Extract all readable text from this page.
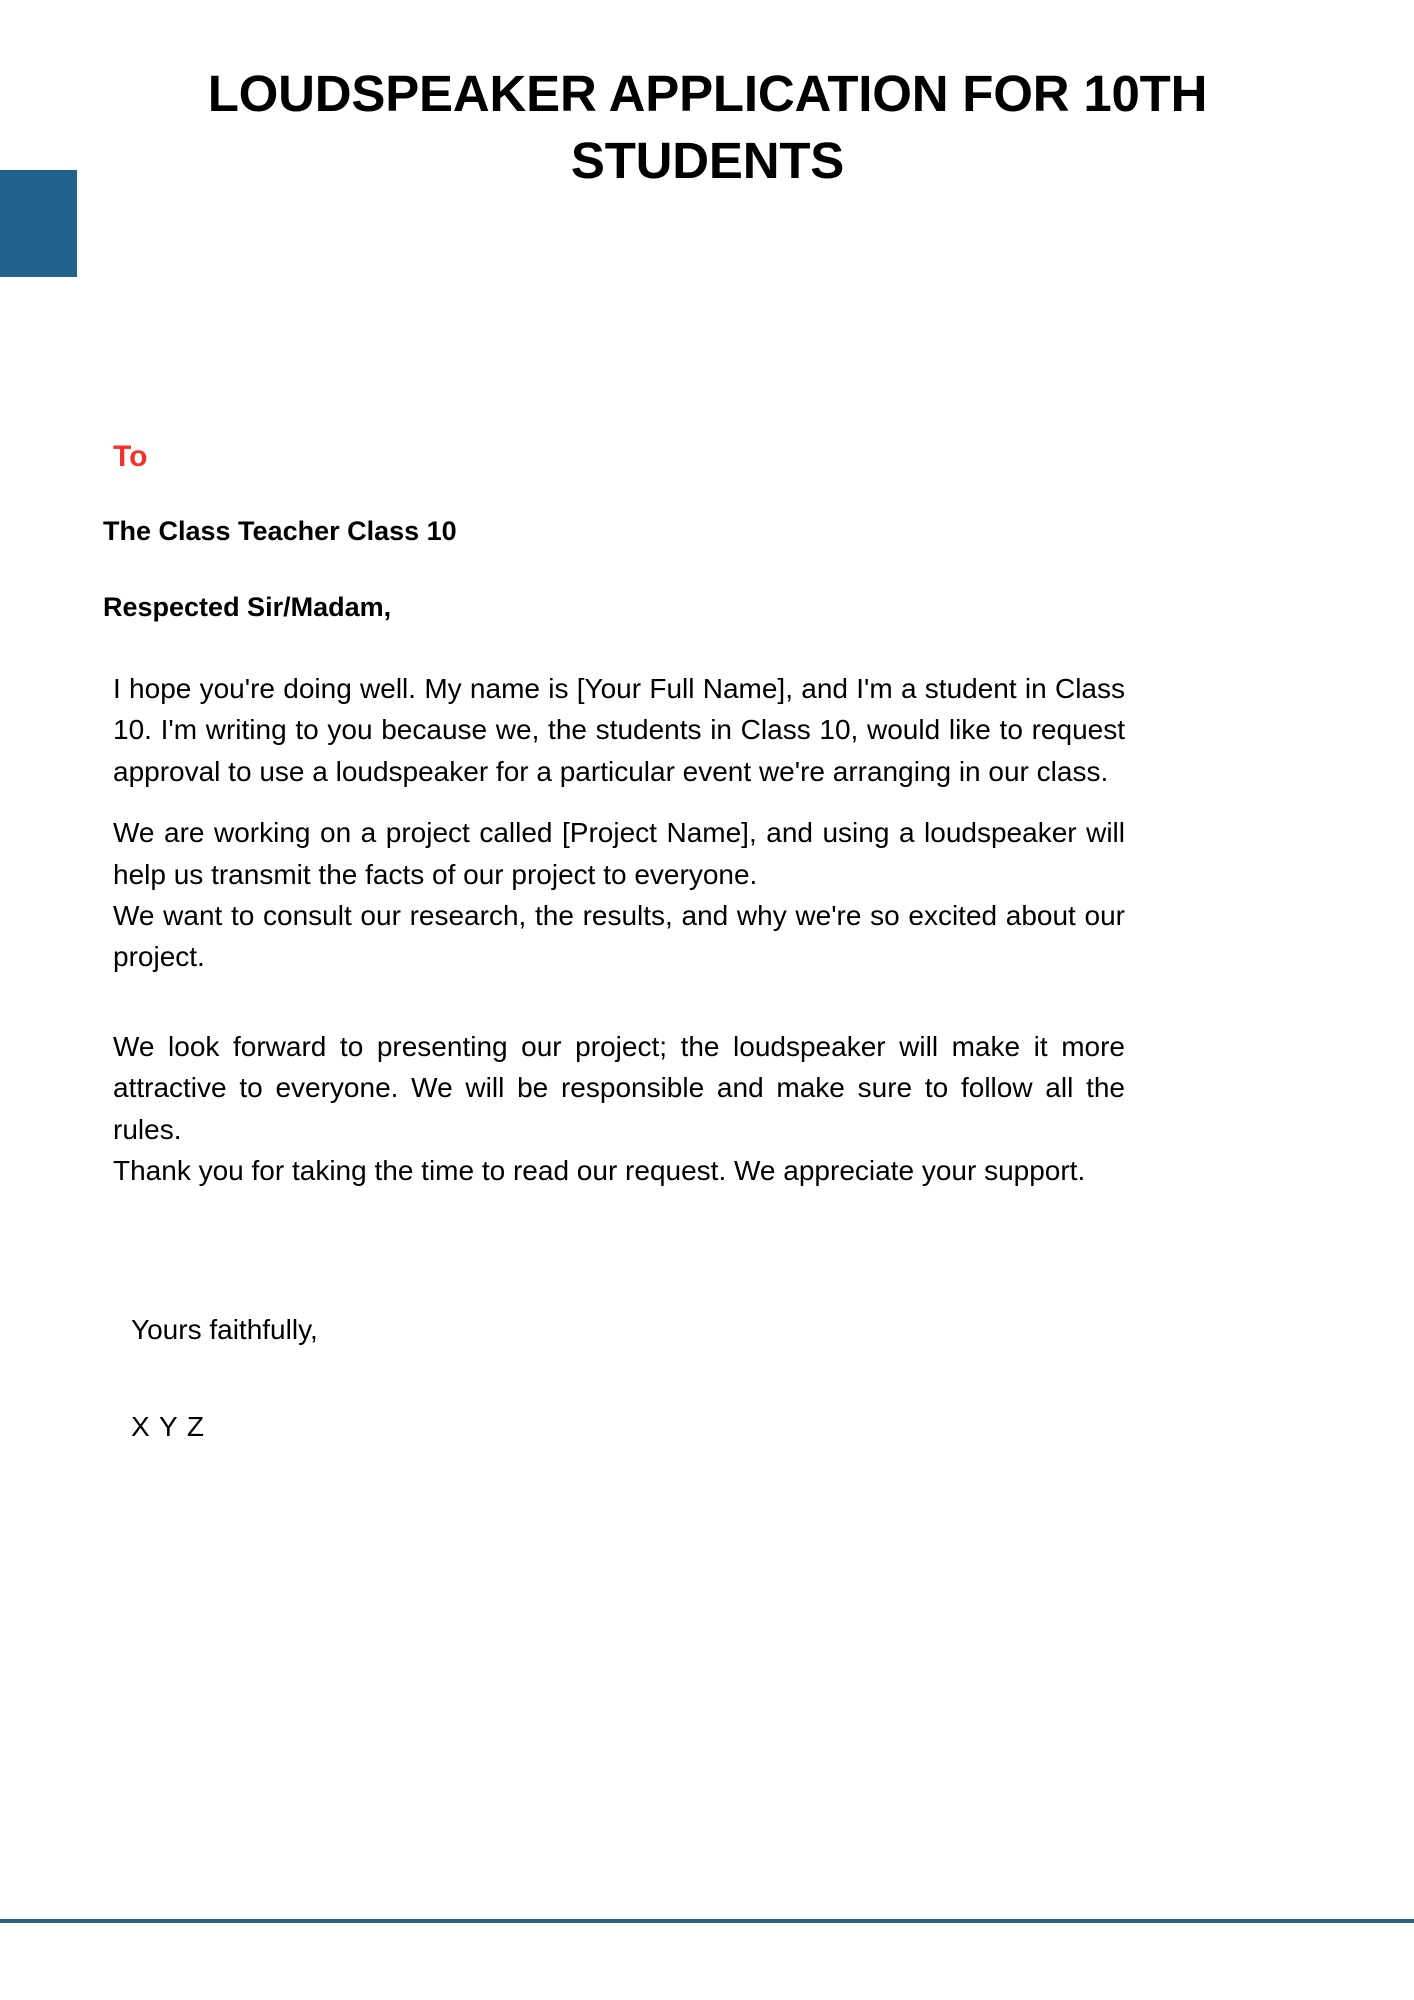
LOUDSPEAKER APPLICATION FOR 10TH STUDENTS
To
The Class Teacher Class 10
Respected Sir/Madam,

I hope you're doing well. My name is [Your Full Name], and I'm a student in Class 10. I'm writing to you because we, the students in Class 10, would like to request approval to use a loudspeaker for a particular event we're arranging in our class.

We are working on a project called [Project Name], and using a loudspeaker will help us transmit the facts of our project to everyone.

We want to consult our research, the results, and why we're so excited about our project.

We look forward to presenting our project; the loudspeaker will make it more attractive to everyone. We will be responsible and make sure to follow all the rules.

Thank you for taking the time to read our request. We appreciate your support.

Yours faithfully,
X Y Z
